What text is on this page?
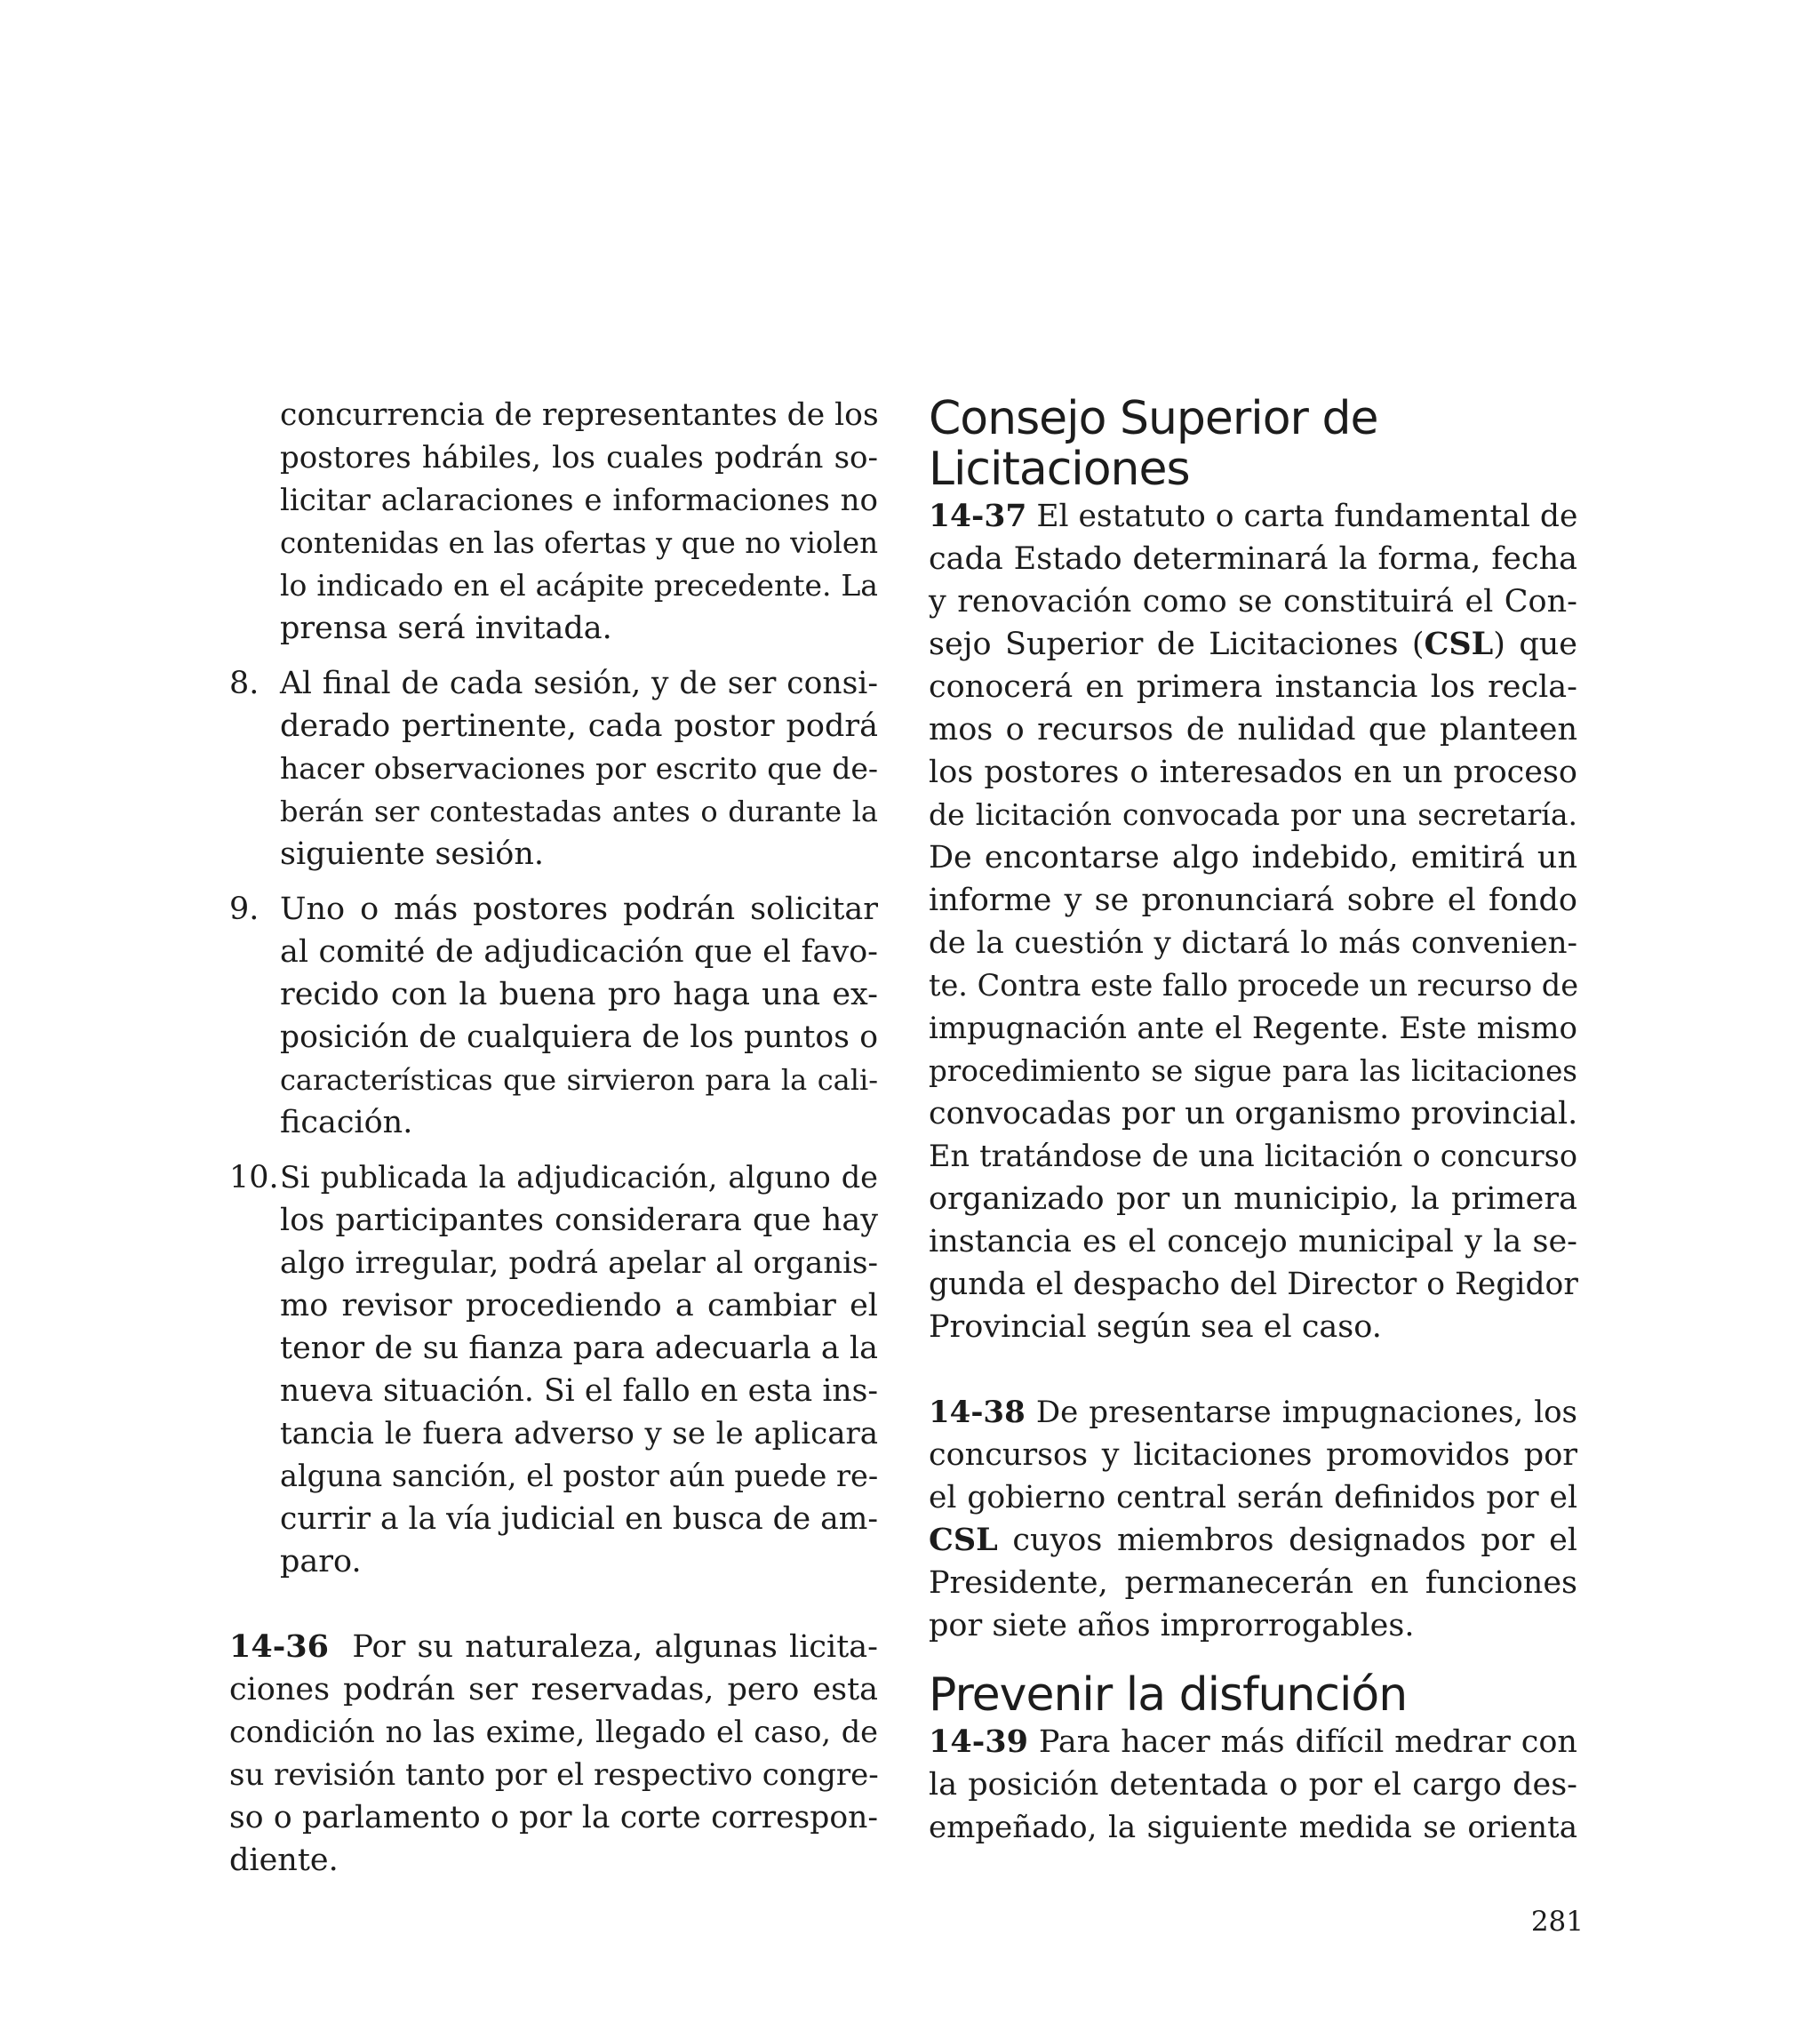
concurrencia de representantes de los

postores hábiles, los cuales podrán so-

licitar aclaraciones e informaciones no

contenidas en las ofertas y que no violen

lo indicado en el acápite precedente. La

prensa será invitada.

8. Al final de cada sesión, y de ser consi-

derado pertinente, cada postor podrá

hacer observaciones por escrito que de-

berán ser contestadas antes o durante la

siguiente sesión.

9. Uno o más postores podrán solicitar

al comité de adjudicación que el favo-

recido con la buena pro haga una ex-

posición de cualquiera de los puntos o

características que sirvieron para la cali-

ficación.

10. Si publicada la adjudicación, alguno de

los participantes considerara que hay

algo irregular, podrá apelar al organis-

mo revisor procediendo a cambiar el

tenor de su fianza para adecuarla a la

nueva situación. Si el fallo en esta ins-

tancia le fuera adverso y se le aplicara

alguna sanción, el postor aún puede re-

currir a la vía judicial en busca de am-

paro.

14-36 Por su naturaleza, algunas licita-

ciones podrán ser reservadas, pero esta

condición no las exime, llegado el caso, de

su revisión tanto por el respectivo congre-

so o parlamento o por la corte correspon-

diente.

Consejo Superior de
Licitaciones

14-37 El estatuto o carta fundamental de

cada Estado determinará la forma, fecha

y renovación como se constituirá el Con-

sejo Superior de Licitaciones (CSL) que

conocerá en primera instancia los recla-

mos o recursos de nulidad que planteen

los postores o interesados en un proceso

de licitación convocada por una secretaría.

De encontarse algo indebido, emitirá un

informe y se pronunciará sobre el fondo

de la cuestión y dictará lo más convenien-

te. Contra este fallo procede un recurso de

impugnación ante el Regente. Este mismo

procedimiento se sigue para las licitaciones

convocadas por un organismo provincial.

En tratándose de una licitación o concurso

organizado por un municipio, la primera

instancia es el concejo municipal y la se-

gunda el despacho del Director o Regidor

Provincial según sea el caso.

14-38 De presentarse impugnaciones, los

concursos y licitaciones promovidos por

el gobierno central serán definidos por el

CSL cuyos miembros designados por el

Presidente, permanecerán en funciones

por siete años improrrogables.

Prevenir la disfunción

14-39 Para hacer más difícil medrar con

la posición detentada o por el cargo des-

empeñado, la siguiente medida se orienta

281
